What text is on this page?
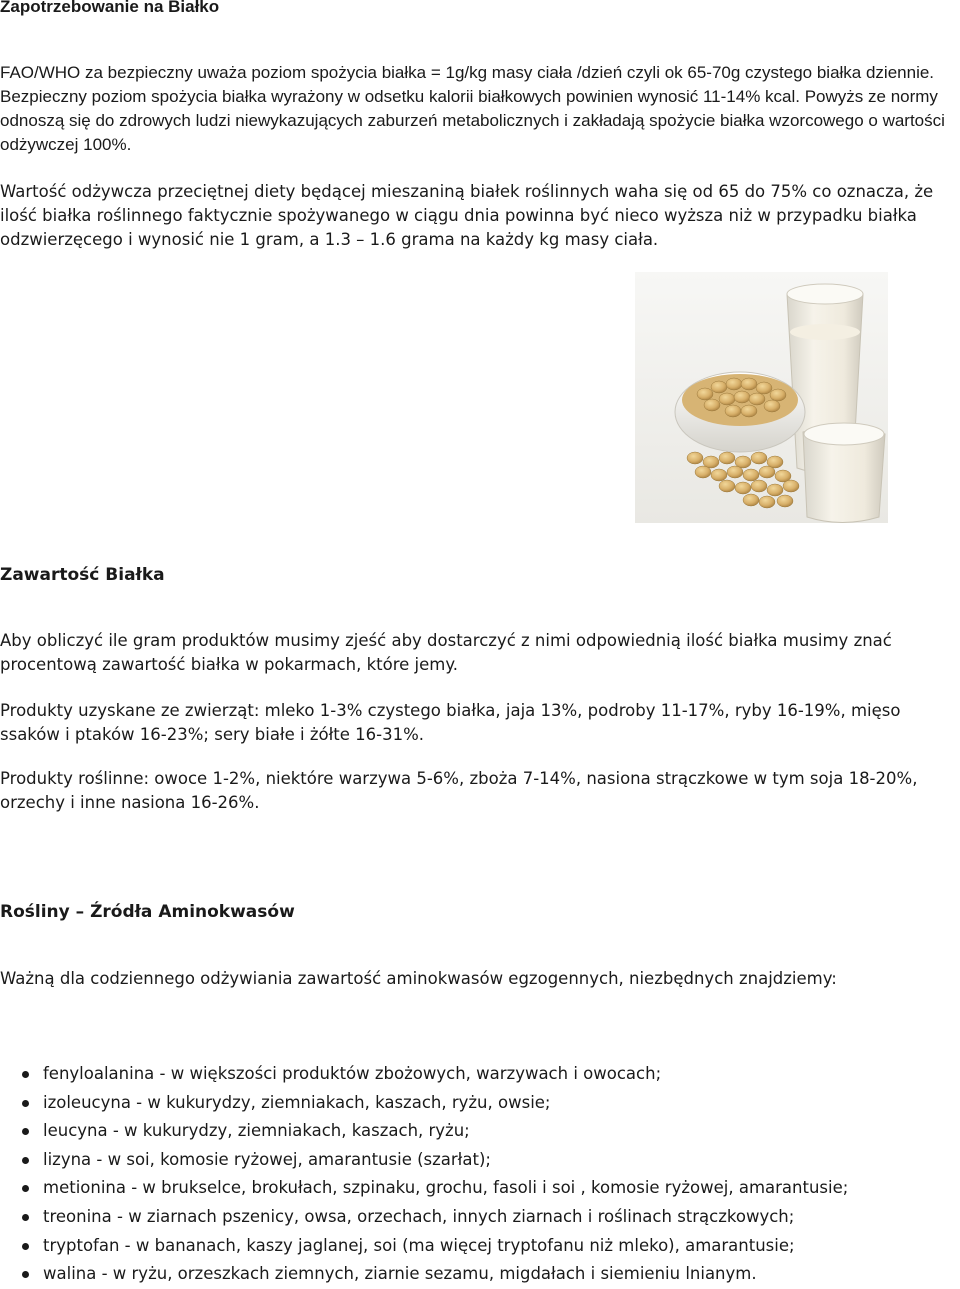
Zapotrzebowanie na Białko

FAO/WHO za bezpieczny uważa poziom spożycia białka = 1g/kg masy ciała /dzień czyli ok 65-70g czystego białka dziennie. Bezpieczny poziom spożycia białka wyrażony w odsetku kalorii białkowych powinien wynosić 11-14% kcal. Powyżs ze normy odnoszą się do zdrowych ludzi niewykazujących zaburzeń metabolicznych i zakładają spożycie białka wzorcowego o wartości odżywczej 100%.

Wartość odżywcza przeciętnej diety będącej mieszaniną białek roślinnych waha się od 65 do 75% co oznacza, że ilość białka roślinnego faktycznie spożywanego w ciągu dnia powinna być nieco wyższa niż w przypadku białka odzwierzęcego i wynosić nie 1 gram, a 1.3 – 1.6 grama na każdy kg masy ciała.

Zawartość Białka

Aby obliczyć ile gram produktów musimy zjeść aby dostarczyć z nimi odpowiednią ilość białka musimy znać procentową zawartość białka w pokarmach, które jemy.

Produkty uzyskane ze zwierząt: mleko 1-3% czystego białka, jaja 13%, podroby 11-17%, ryby 16-19%, mięso ssaków i ptaków 16-23%; sery białe i żółte 16-31%.

Produkty roślinne: owoce 1-2%, niektóre warzywa 5-6%, zboża 7-14%, nasiona strączkowe w tym soja 18-20%, orzechy i inne nasiona 16-26%.

Rośliny – Źródła Aminokwasów

Ważną dla codziennego odżywiania zawartość aminokwasów egzogennych, niezbędnych znajdziemy:

fenyloalanina - w większości produktów zbożowych, warzywach i owocach;
izoleucyna - w kukurydzy, ziemniakach, kaszach, ryżu, owsie;
leucyna - w kukurydzy, ziemniakach, kaszach, ryżu;
lizyna - w soi, komosie ryżowej, amarantusie (szarłat);
metionina - w brukselce, brokułach, szpinaku, grochu, fasoli i soi , komosie ryżowej, amarantusie;
treonina - w ziarnach pszenicy, owsa, orzechach, innych ziarnach i roślinach strączkowych;
tryptofan - w bananach, kaszy jaglanej, soi (ma więcej tryptofanu niż mleko), amarantusie;
walina - w ryżu, orzeszkach ziemnych, ziarnie sezamu, migdałach i siemieniu lnianym.
